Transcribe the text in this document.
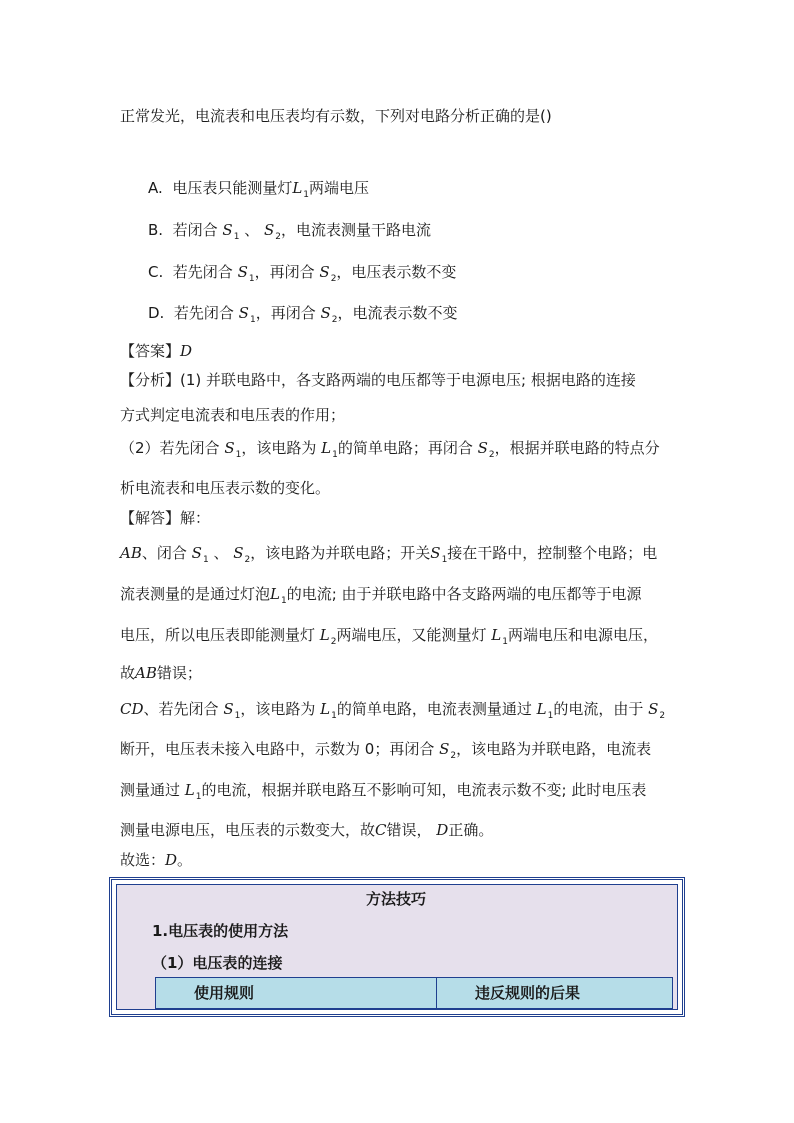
正常发光，电流表和电压表均有示数，下列对电路分析正确的是()
A. 电压表只能测量灯$L_1$两端电压
B. 若闭合 $S_1$ 、 $S_2$，电流表测量干路电流
C. 若先闭合 $S_1$，再闭合 $S_2$，电压表示数不变
D. 若先闭合 $S_1$，再闭合 $S_2$，电流表示数不变
【答案】D
【分析】(1) 并联电路中，各支路两端的电压都等于电源电压; 根据电路的连接
方式判定电流表和电压表的作用；
（2）若先闭合 $S_1$，该电路为 $L_1$的简单电路；再闭合 $S_2$，根据并联电路的特点分
析电流表和电压表示数的变化。
【解答】解：
AB、闭合 $S_1$ 、 $S_2$，该电路为并联电路；开关$S_1$接在干路中，控制整个电路；电
流表测量的是通过灯泡$L_1$的电流; 由于并联电路中各支路两端的电压都等于电源
电压，所以电压表即能测量灯 $L_2$两端电压，又能测量灯 $L_1$两端电压和电源电压，
故AB错误；
CD、若先闭合 $S_1$，该电路为 $L_1$的简单电路，电流表测量通过 $L_1$的电流，由于 $S_2$
断开，电压表未接入电路中，示数为 0；再闭合 $S_2$，该电路为并联电路，电流表
测量通过 $L_1$的电流，根据并联电路互不影响可知，电流表示数不变; 此时电压表
测量电源电压，电压表的示数变大，故C错误， D正确。
故选：D。
方法技巧
1.电压表的使用方法
（1）电压表的连接
使用规则	违反规则的后果
